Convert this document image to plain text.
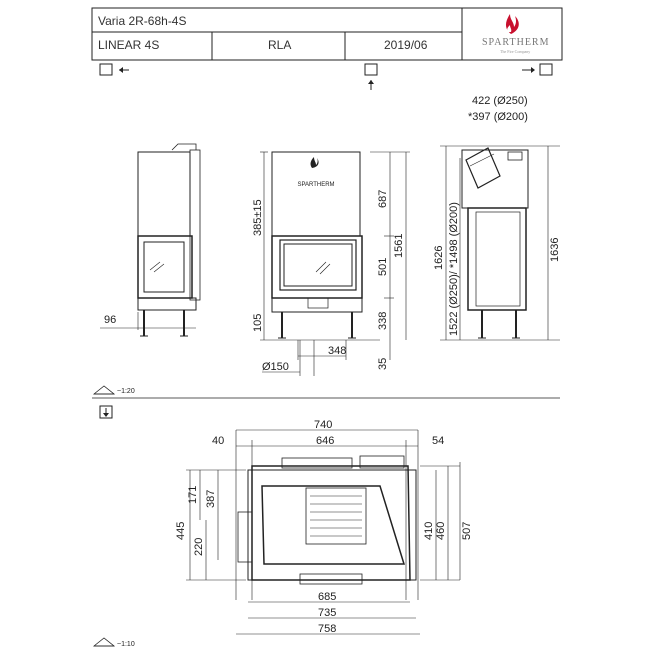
Varia 2R-68h-4S
LINEAR 4S	RLA	2019/06	SPARTHERM
The Fire Company
96
SPARTHERM
385±15
105
687
501
338
1561
348
35
Ø150
422 (Ø250)
*397 (Ø200)
1626 1522 (Ø250)/ *1498 (Ø200)	1636
~1:20
740
646
40	54
171 387
445
220
410 460 507
685
735
758
~1:10
